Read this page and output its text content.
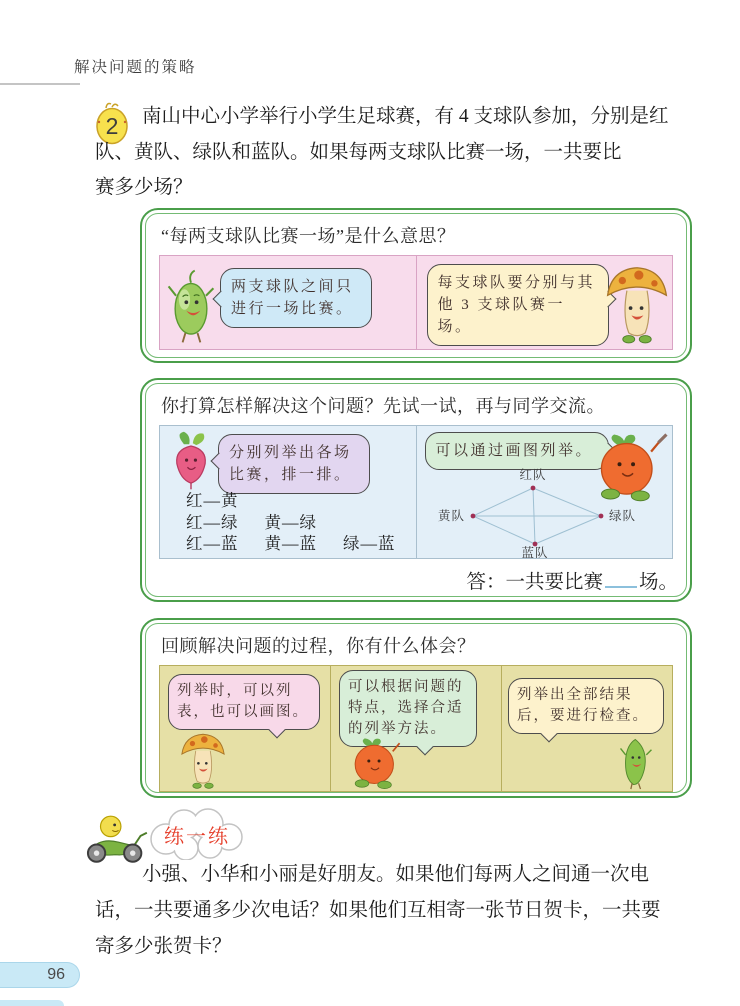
解决问题的策略
2	南山中心小学举行小学生足球赛，有 4 支球队参加，分别是红
队、黄队、绿队和蓝队。如果每两支球队比赛一场，一共要比
赛多少场？
“每两支球队比赛一场”是什么意思？
两支球队之间只进行一场比赛。
每支球队要分别与其他 3 支球队赛一场。
你打算怎样解决这个问题？先试一试，再与同学交流。
分别列举出各场比赛，排一排。
红—黄
红—绿 黄—绿
红—蓝 黄—蓝 绿—蓝
可以通过画图列举。
红队
黄队	绿队
蓝队
答：一共要比赛 场。
回顾解决问题的过程，你有什么体会？
列举时，可以列表，也可以画图。
可以根据问题的特点，选择合适的列举方法。
列举出全部结果后，要进行检查。
练一练
小强、小华和小丽是好朋友。如果他们每两人之间通一次电
话，一共要通多少次电话？如果他们互相寄一张节日贺卡，一共要
寄多少张贺卡？
96
